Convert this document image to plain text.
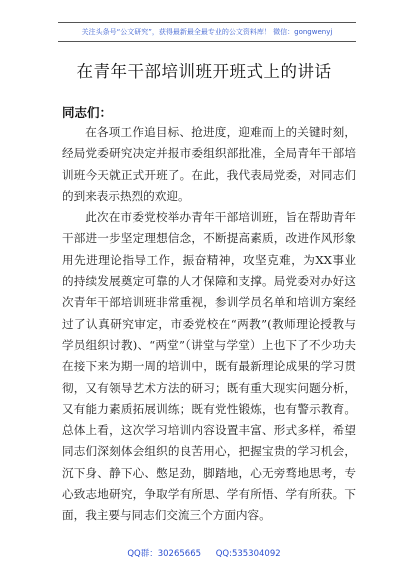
关注头条号“公文研究”，获得最新最全最专业的公文资料库！ 微信：gongwenyj
在青年干部培训班开班式上的讲话
同志们：

在各项工作追目标、抢进度，迎难而上的关键时刻，经局党委研究决定并报市委组织部批准，全局青年干部培训班今天就正式开班了。在此，我代表局党委，对同志们的到来表示热烈的欢迎。

此次在市委党校举办青年干部培训班，旨在帮助青年干部进一步坚定理想信念，不断提高素质，改进作风形象用先进理论指导工作，振奋精神，攻坚克难，为XX事业的持续发展奠定可靠的人才保障和支撑。局党委对办好这次青年干部培训班非常重视，参训学员名单和培训方案经过了认真研究审定，市委党校在“两教”(教师理论授教与学员组织讨教)、“两堂”（讲堂与学堂）上也下了不少功夫在接下来为期一周的培训中，既有最新理论成果的学习贯彻，又有领导艺术方法的研习；既有重大现实问题分析，又有能力素质拓展训练；既有党性锻炼，也有警示教育。总体上看，这次学习培训内容设置丰富、形式多样，希望同志们深刻体会组织的良苦用心，把握宝贵的学习机会，沉下身、静下心、憋足劲，脚踏地，心无旁骛地思考，专心致志地研究，争取学有所思、学有所悟、学有所获。下面，我主要与同志们交流三个方面内容。

QQ群：30265665 QQ:535304092
